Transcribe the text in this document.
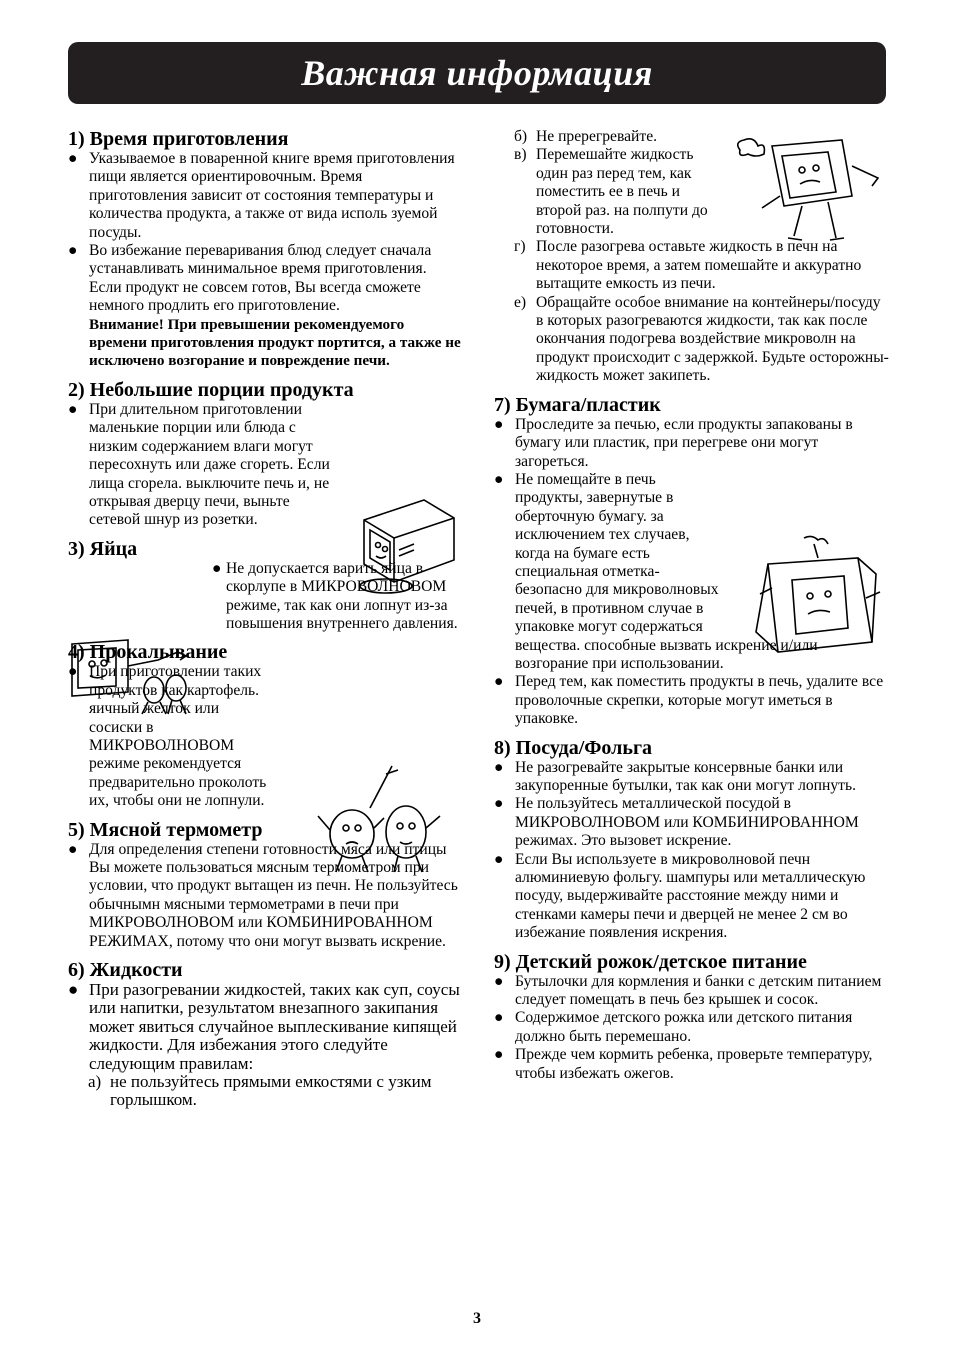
Важная информация
1) Время приготовления
● Указываемое в поваренной книге время приготовления пищи является ориентировочным. Время приготовления зависит от состояния температуры и количества продукта, а также от вида исполь зуемой посуды.
● Во избежание переваривания блюд следует сначала устанавливать минимальное время приготовления. Если продукт не совсем готов, Вы всегда сможете немного продлить его приготовление.
Внимание! При превышении рекомендуемого времени приготовления продукт портится, а также не исключено возгорание и повреждение печи.
2) Небольшие порции продукта
● При длительном приготовлении маленькие порции или блюда с низким содержанием влаги могут пересохнуть или даже сгореть. Если лища сгорела. выключите печь и, не открывая дверцу печи, выньте сетевой шнур из розетки.
3) Яйца
● Не допускается варить яйца в скорлупе в МИКРОВОЛНОВОМ режиме, так как они лопнут из-за повышения внутреннего давления.
4) Прокалывание
● При приготовлении таких продуктов как картофель. яичный желток или сосиски в МИКРОВОЛНОВОМ режиме рекомендуется предварительно проколоть их, чтобы они не лопнули.
5) Мясной термометр
● Для определения степени готовности мяса или птицы Вы можете пользоваться мясным термометром при условии, что продукт вытащен из печн. Не пользуйтесь обычнымн мясными термометрами в печи при МИКРОВОЛНОВОМ или КОМБИНИРОВАННОМ РЕЖИМАХ, потому что они могут вызвать искрение.
6) Жидкости
● При разогревании жидкостей, таких как суп, соусы или напитки, результатом внезапного закипания может явиться случайное выплескивание кипящей жидкости. Для избежания этого следуйте следующим правилам:
а) не пользуйтесь прямыми емкостями с узким горлышком.
б) Не пререгревайте.
в) Перемешайте жидкость один раз перед тем, как поместить ее в печь и второй раз. на полпути до готовности.
г) После разогрева оставьте жидкость в печн на некоторое время, а затем помешайте и аккуратно вытащите емкость из печи.
е) Обращайте особое внимание на контейнеры/посуду в которых разогреваются жидкости, так как после окончания подогрева воздействие микроволн на продукт происходит с задержкой. Будьте осторожны-жидкость может закипеть.
7) Бумага/пластик
● Проследите за печью, если продукты запакованы в бумагу или пластик, при перегреве они могут загореться.
● Не помещайте в печь продукты, завернутые в оберточную бумагу. за исключением тех случаев, когда на бумаге есть специальная отметка- безопасно для микроволновых печей, в противном случае в упаковке могут содержаться вещества. способные вызвать искрение и/или возгорание при использовании.
● Перед тем, как поместить продукты в печь, удалите все проволочные скрепки, которые могут иметься в упаковке.
8) Посуда/Фольга
● Не разогревайте закрытые консервные банки или закупоренные бутылки, так как они могут лопнуть.
● Не пользуйтесь металлической посудой в МИКРОВОЛНОВОМ или КОМБИНИРОВАННОМ режимах. Это вызовет искрение.
● Если Вы используете в микроволновой печн алюминиевую фольгу. шампуры или металлическую посуду, выдерживайте расстояние между ними и стенками камеры печи и дверцей не менее 2 см во избежание появления искрения.
9) Детский рожок/детское питание
● Бутылочки для кормления и банки с детским питанием следует помещать в печь без крышек и сосок.
● Содержимое детского рожка или детского питания должно быть перемешано.
● Прежде чем кормить ребенка, проверьте температуру, чтобы избежать ожегов.
3
